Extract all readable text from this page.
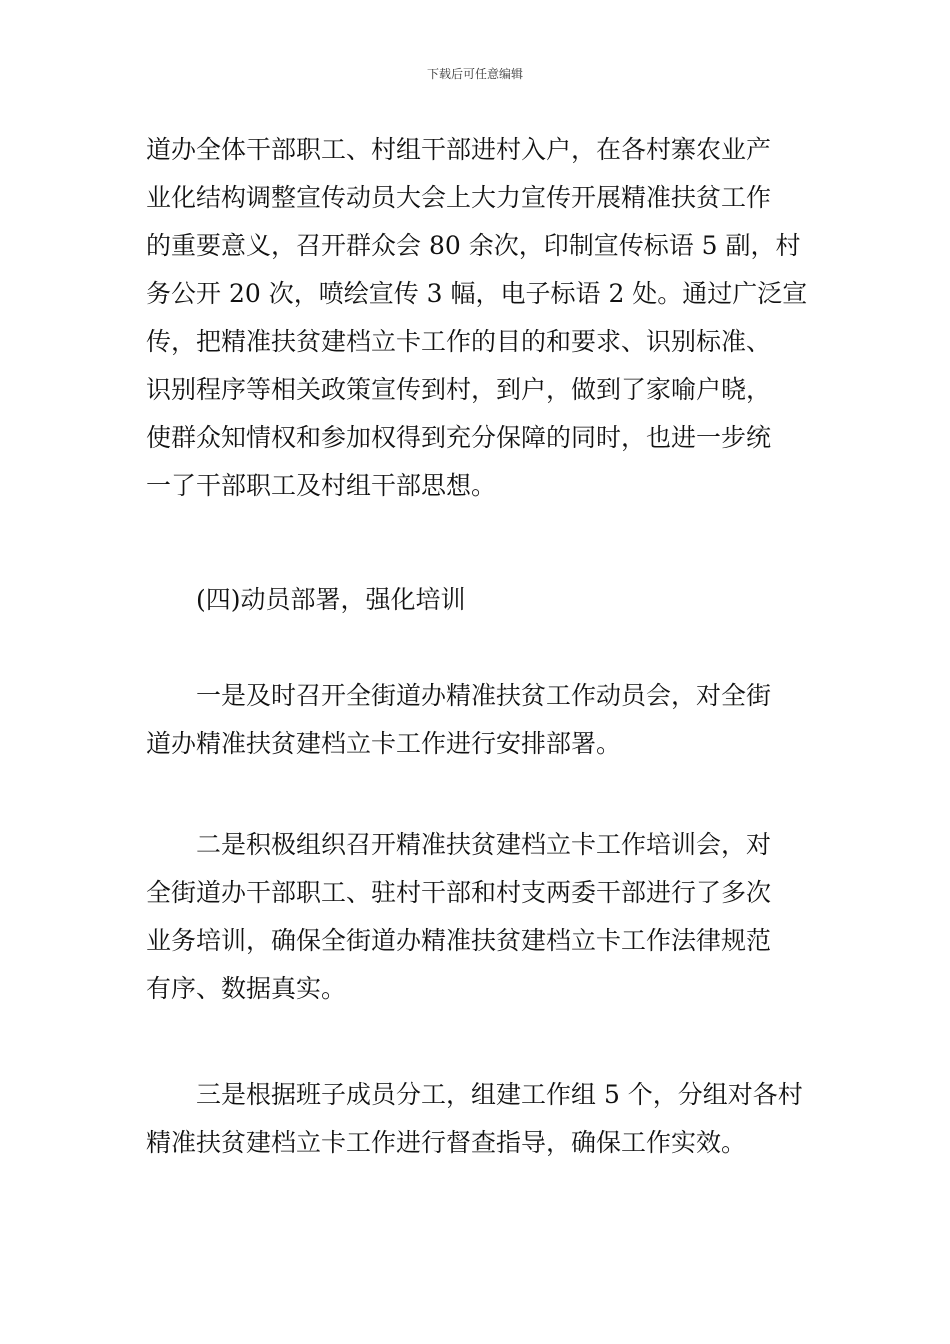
下载后可任意编辑
道办全体干部职工、村组干部进村入户，在各村寨农业产
业化结构调整宣传动员大会上大力宣传开展精准扶贫工作
的重要意义，召开群众会 80 余次，印制宣传标语 5 副，村
务公开 20 次，喷绘宣传 3 幅，电子标语 2 处。通过广泛宣
传，把精准扶贫建档立卡工作的目的和要求、识别标准、
识别程序等相关政策宣传到村，到户，做到了家喻户晓，
使群众知情权和参加权得到充分保障的同时，也进一步统
一了干部职工及村组干部思想。
　　(四)动员部署，强化培训
　　一是及时召开全街道办精准扶贫工作动员会，对全街
道办精准扶贫建档立卡工作进行安排部署。
　　二是积极组织召开精准扶贫建档立卡工作培训会，对
全街道办干部职工、驻村干部和村支两委干部进行了多次
业务培训，确保全街道办精准扶贫建档立卡工作法律规范
有序、数据真实。
　　三是根据班子成员分工，组建工作组 5 个，分组对各村
精准扶贫建档立卡工作进行督查指导，确保工作实效。
